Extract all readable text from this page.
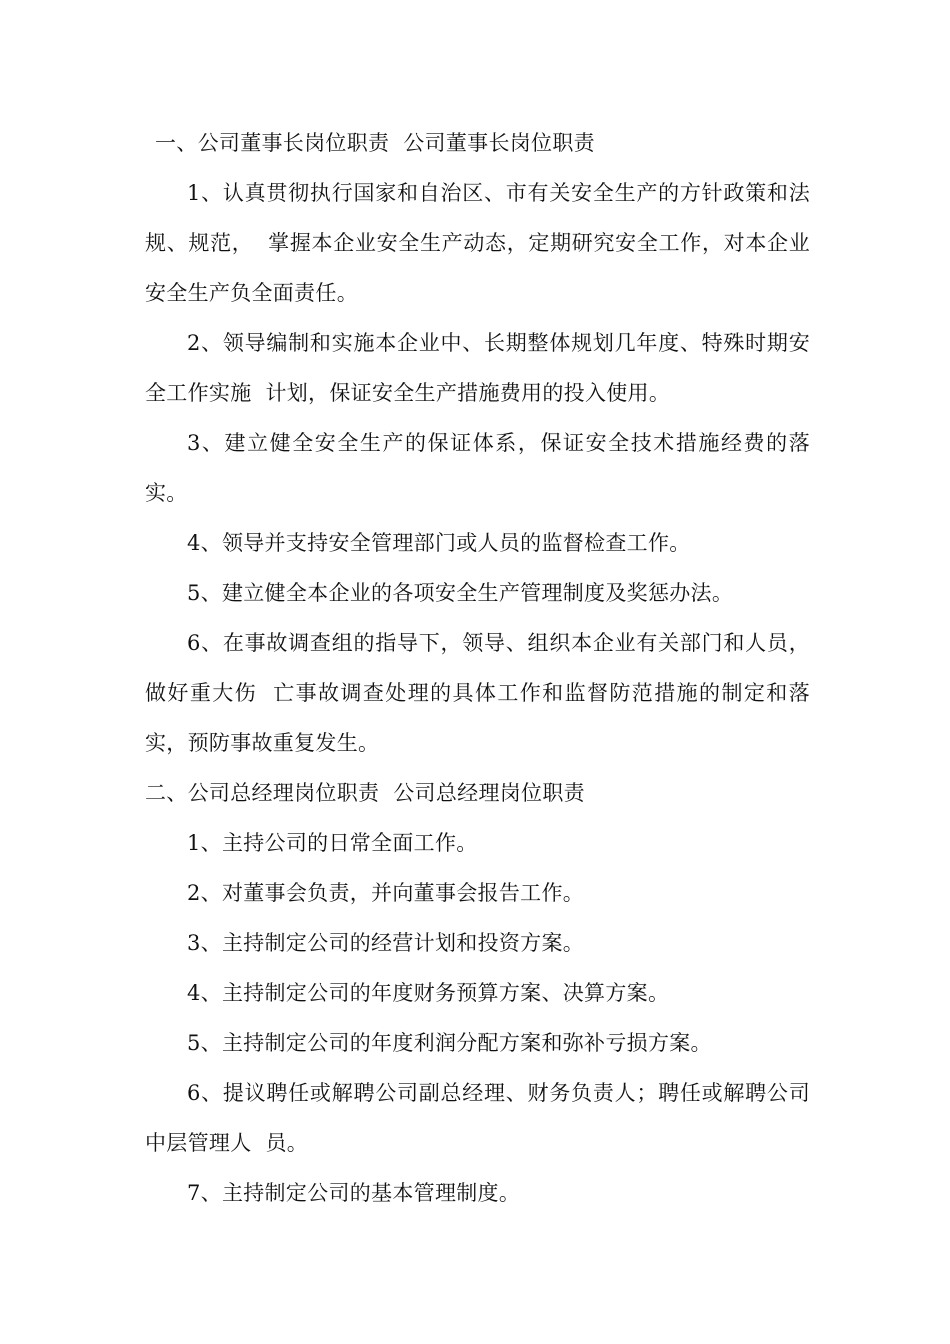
一、公司董事长岗位职责  公司董事长岗位职责

1、认真贯彻执行国家和自治区、市有关安全生产的方针政策和法规、规范，  掌握本企业安全生产动态，定期研究安全工作，对本企业安全生产负全面责任。

2、领导编制和实施本企业中、长期整体规划几年度、特殊时期安全工作实施  计划，保证安全生产措施费用的投入使用。

3、建立健全安全生产的保证体系，保证安全技术措施经费的落实。

4、领导并支持安全管理部门或人员的监督检查工作。

5、建立健全本企业的各项安全生产管理制度及奖惩办法。

6、在事故调查组的指导下，领导、组织本企业有关部门和人员，做好重大伤  亡事故调查处理的具体工作和监督防范措施的制定和落实，预防事故重复发生。

二、公司总经理岗位职责  公司总经理岗位职责

1、主持公司的日常全面工作。

2、对董事会负责，并向董事会报告工作。

3、主持制定公司的经营计划和投资方案。

4、主持制定公司的年度财务预算方案、决算方案。

5、主持制定公司的年度利润分配方案和弥补亏损方案。

6、提议聘任或解聘公司副总经理、财务负责人；聘任或解聘公司中层管理人  员。

7、主持制定公司的基本管理制度。
